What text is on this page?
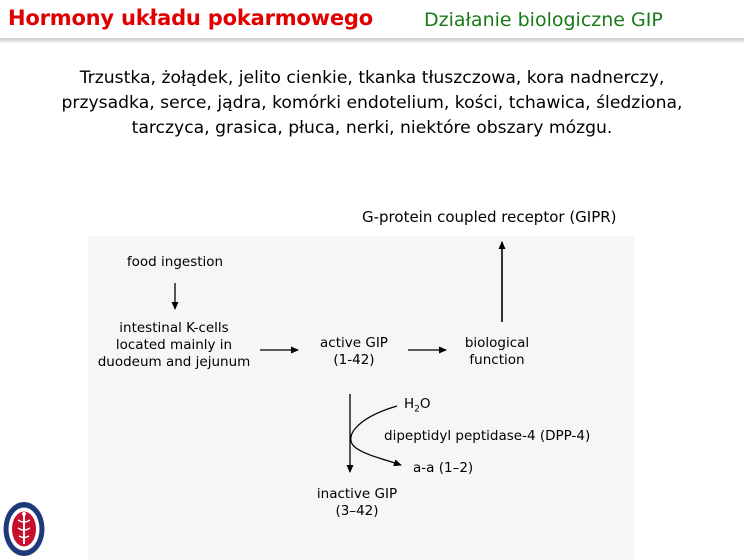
Hormony układu pokarmowego	Działanie biologiczne GIP
Trzustka, żołądek, jelito cienkie, tkanka tłuszczowa, kora nadnerczy,
przysadka, serce, jądra, komórki endotelium, kości, tchawica, śledziona,
tarczyca, grasica, płuca, nerki, niektóre obszary mózgu.
G-protein coupled receptor (GIPR)
food ingestion
intestinal K-cells
located mainly in
duodeum and jejunum
active GIP
(1-42)
biological
function
$H_2O$
dipeptidyl peptidase-4 (DPP-4)
a-a (1–2)
inactive GIP
(3–42)
